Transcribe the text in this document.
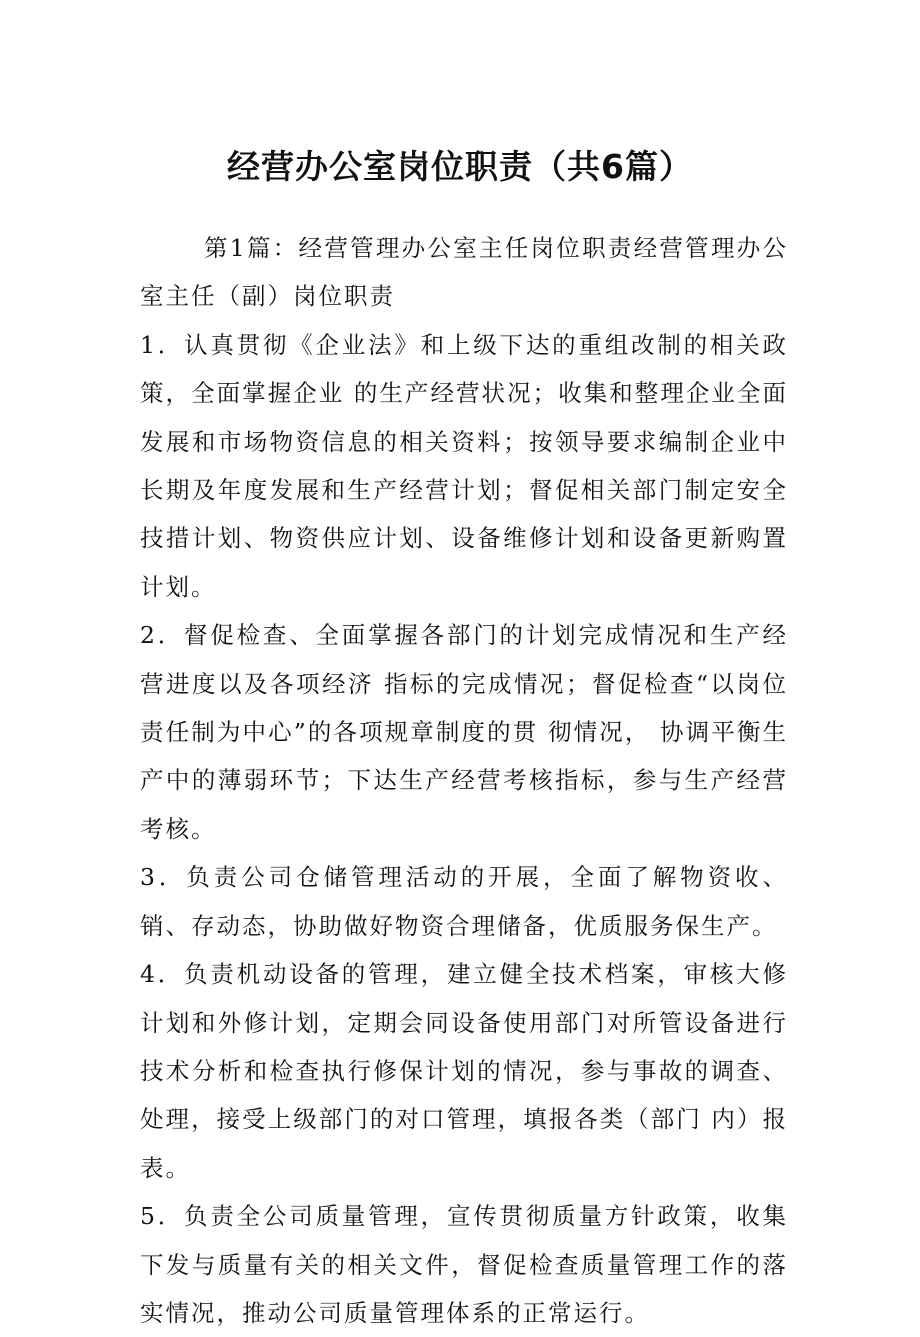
经营办公室岗位职责（共6篇）

第1篇：经营管理办公室主任岗位职责经营管理办公室主任（副）岗位职责

1．认真贯彻《企业法》和上级下达的重组改制的相关政策，全面掌握企业 的生产经营状况；收集和整理企业全面发展和市场物资信息的相关资料；按领导要求编制企业中长期及年度发展和生产经营计划；督促相关部门制定安全技措计划、物资供应计划、设备维修计划和设备更新购置计划。

2．督促检查、全面掌握各部门的计划完成情况和生产经营进度以及各项经济 指标的完成情况；督促检查“以岗位责任制为中心”的各项规章制度的贯 彻情况， 协调平衡生产中的薄弱环节；下达生产经营考核指标，参与生产经营考核。

3．负责公司仓储管理活动的开展，全面了解物资收、销、存动态，协助做好物资合理储备，优质服务保生产。

4．负责机动设备的管理，建立健全技术档案，审核大修计划和外修计划，定期会同设备使用部门对所管设备进行技术分析和检查执行修保计划的情况，参与事故的调查、处理，接受上级部门的对口管理，填报各类（部门 内）报表。

5．负责全公司质量管理，宣传贯彻质量方针政策，收集下发与质量有关的相关文件，督促检查质量管理工作的落实情况，推动公司质量管理体系的正常运行。
